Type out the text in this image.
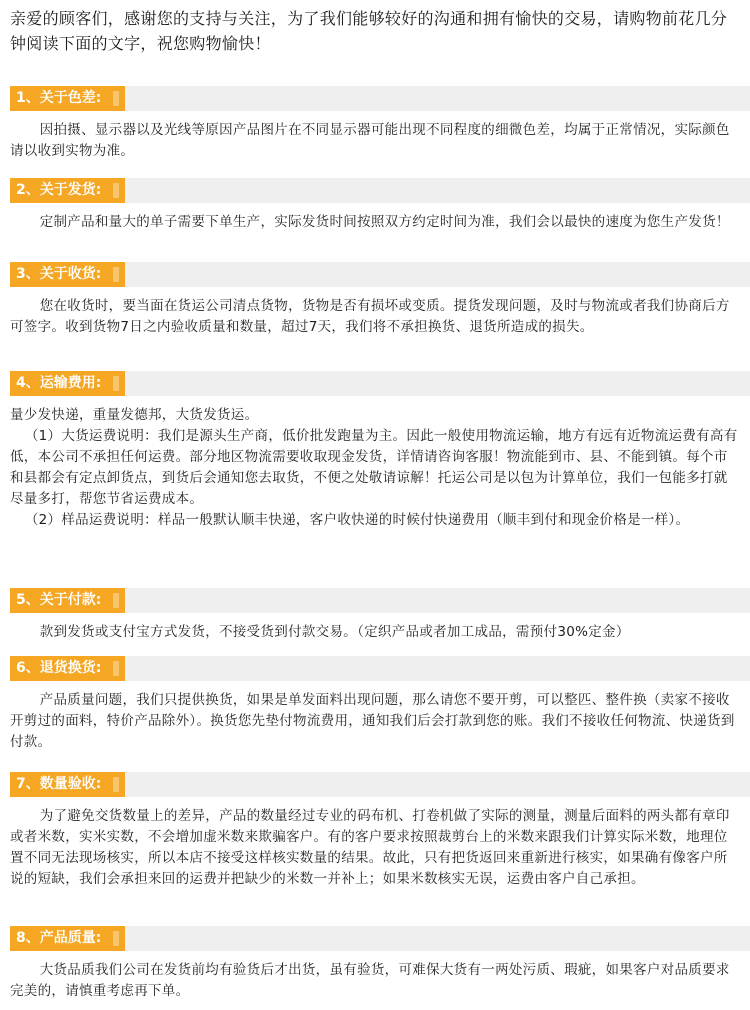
亲爱的顾客们，感谢您的支持与关注，为了我们能够较好的沟通和拥有愉快的交易，请购物前花几分钟阅读下面的文字，祝您购物愉快！

1、关于色差:

因拍摄、显示器以及光线等原因产品图片在不同显示器可能出现不同程度的细微色差，均属于正常情况，实际颜色请以收到实物为准。

2、关于发货:

定制产品和量大的单子需要下单生产，实际发货时间按照双方约定时间为准，我们会以最快的速度为您生产发货！

3、关于收货:

您在收货时，要当面在货运公司清点货物，货物是否有损坏或变质。提货发现问题，及时与物流或者我们协商后方可签字。收到货物7日之内验收质量和数量，超过7天，我们将不承担换货、退货所造成的损失。

4、运输费用:

量少发快递，重量发德邦，大货发货运。

（1）大货运费说明：我们是源头生产商，低价批发跑量为主。因此一般使用物流运输，地方有远有近物流运费有高有低，本公司不承担任何运费。部分地区物流需要收取现金发货，详情请咨询客服！物流能到市、县、不能到镇。每个市和县都会有定点卸货点，到货后会通知您去取货，不便之处敬请谅解！托运公司是以包为计算单位，我们一包能多打就尽量多打，帮您节省运费成本。

（2）样品运费说明：样品一般默认顺丰快递，客户收快递的时候付快递费用（顺丰到付和现金价格是一样）。

5、关于付款:

款到发货或支付宝方式发货，不接受货到付款交易。（定织产品或者加工成品，需预付30%定金）

6、退货换货:

产品质量问题，我们只提供换货，如果是单发面料出现问题，那么请您不要开剪，可以整匹、整件换（卖家不接收开剪过的面料，特价产品除外）。换货您先垫付物流费用，通知我们后会打款到您的账。我们不接收任何物流、快递货到付款。

7、数量验收:

为了避免交货数量上的差异，产品的数量经过专业的码布机、打卷机做了实际的测量，测量后面料的两头都有章印或者米数，实米实数，不会增加虚米数来欺骗客户。有的客户要求按照裁剪台上的米数来跟我们计算实际米数，地理位置不同无法现场核实，所以本店不接受这样核实数量的结果。故此，只有把货返回来重新进行核实，如果确有像客户所说的短缺，我们会承担来回的运费并把缺少的米数一并补上；如果米数核实无误，运费由客户自己承担。

8、产品质量:

大货品质我们公司在发货前均有验货后才出货，虽有验货，可难保大货有一两处污质、瑕疵，如果客户对品质要求完美的，请慎重考虑再下单。
